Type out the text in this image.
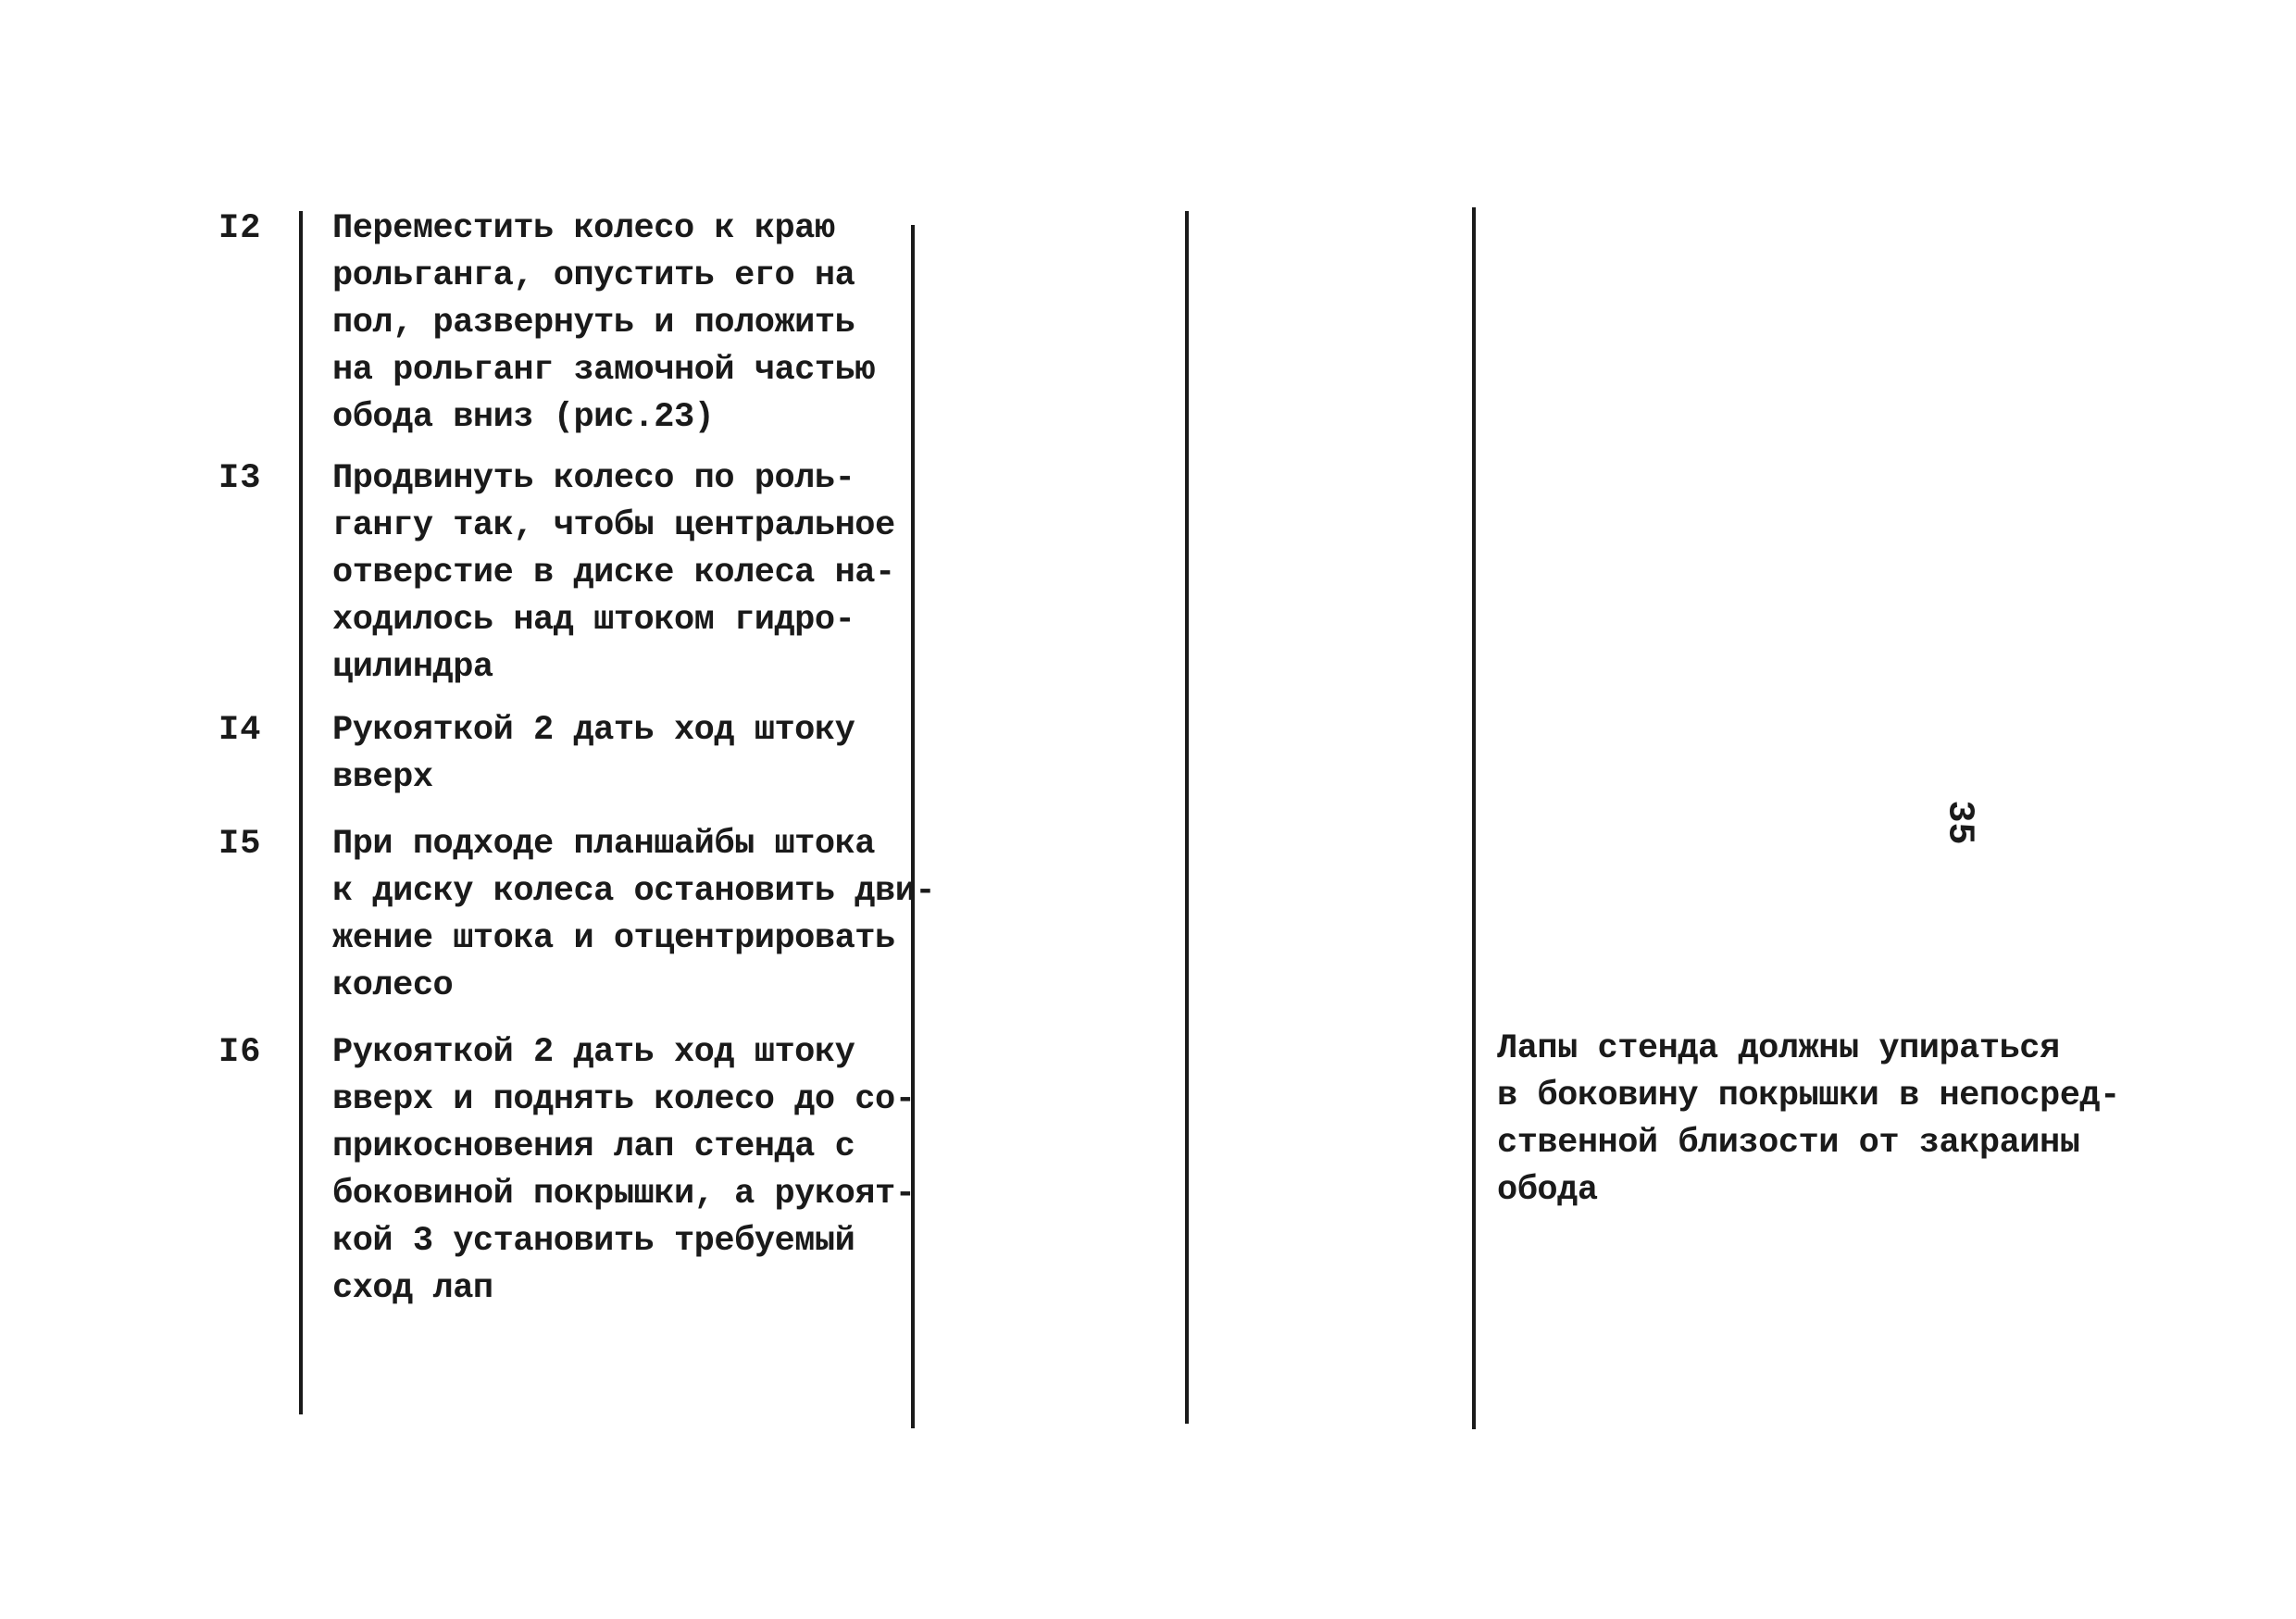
I2 Переместить колесо к краю
рольганга, опустить его на
пол, развернуть и положить
на рольганг замочной частью
обода вниз (рис.23)
I3 Продвинуть колесо по роль-
гангу так, чтобы центральное
отверстие в диске колеса на-
ходилось над штоком гидро-
цилиндра
I4 Рукояткой 2 дать ход штоку
вверх
I5 При подходе планшайбы штока
к диску колеса остановить дви-
жение штока и отцентрировать
колесо
I6 Рукояткой 2 дать ход штоку
вверх и поднять колесо до со-
прикосновения лап стенда с
боковиной покрышки, а рукоят-
кой 3 установить требуемый
сход лап
Лапы стенда должны упираться
в боковину покрышки в непосред-
ственной близости от закраины
обода
35
